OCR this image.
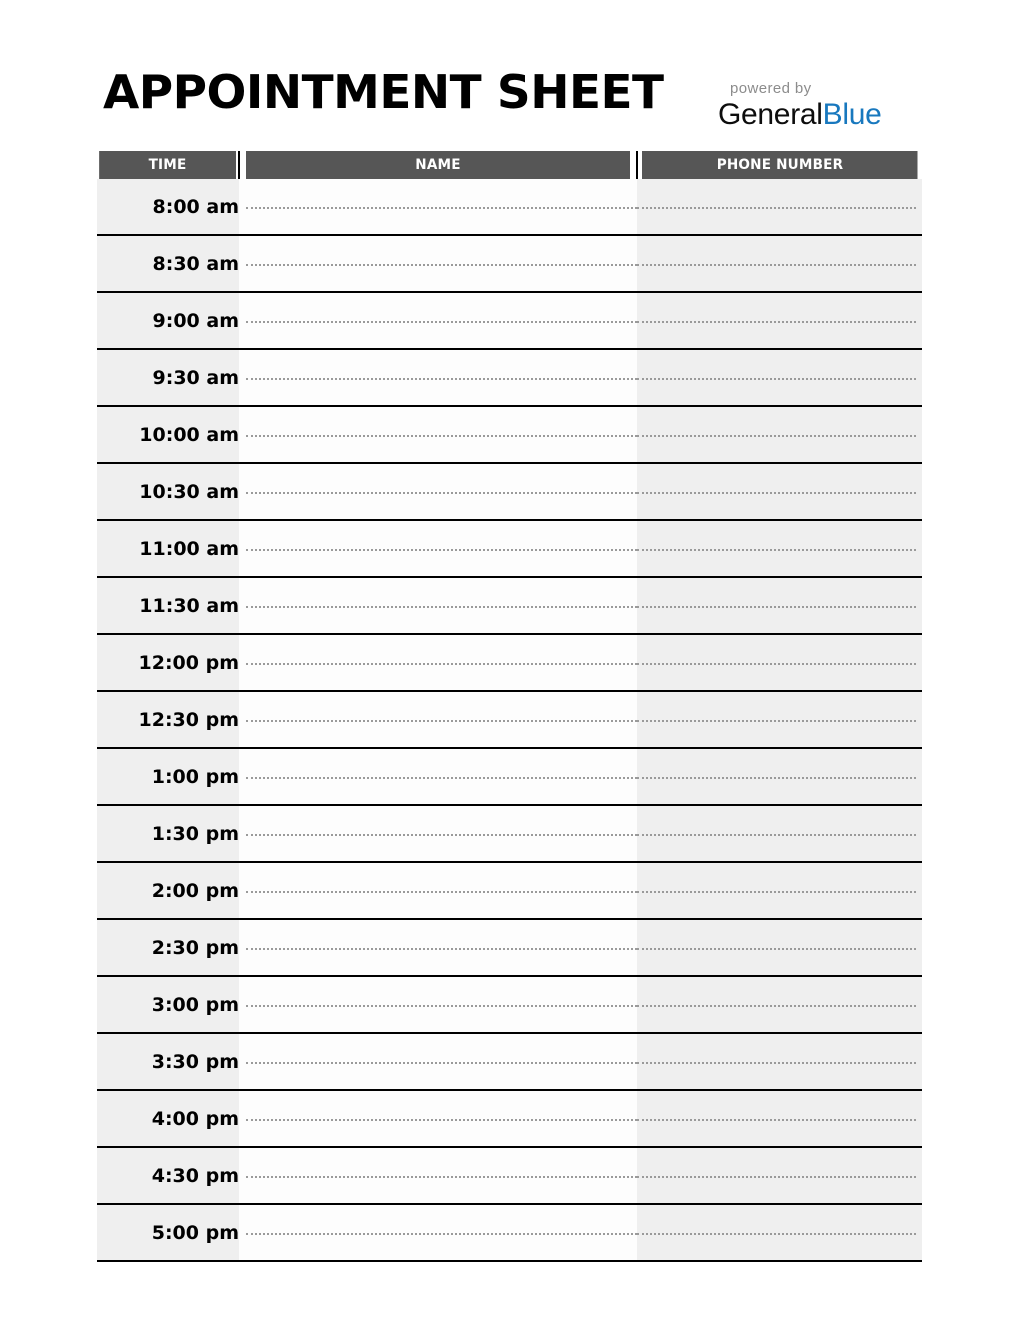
APPOINTMENT SHEET	powered by
GeneralBlue
TIME	NAME	PHONE NUMBER
8:00 am	

8:30 am	

9:00 am	

9:30 am	

10:00 am	

10:30 am	

11:00 am	

11:30 am	

12:00 pm	

12:30 pm	

1:00 pm	

1:30 pm	

2:00 pm	

2:30 pm	

3:00 pm	

3:30 pm	

4:00 pm	

4:30 pm	

5:00 pm	
